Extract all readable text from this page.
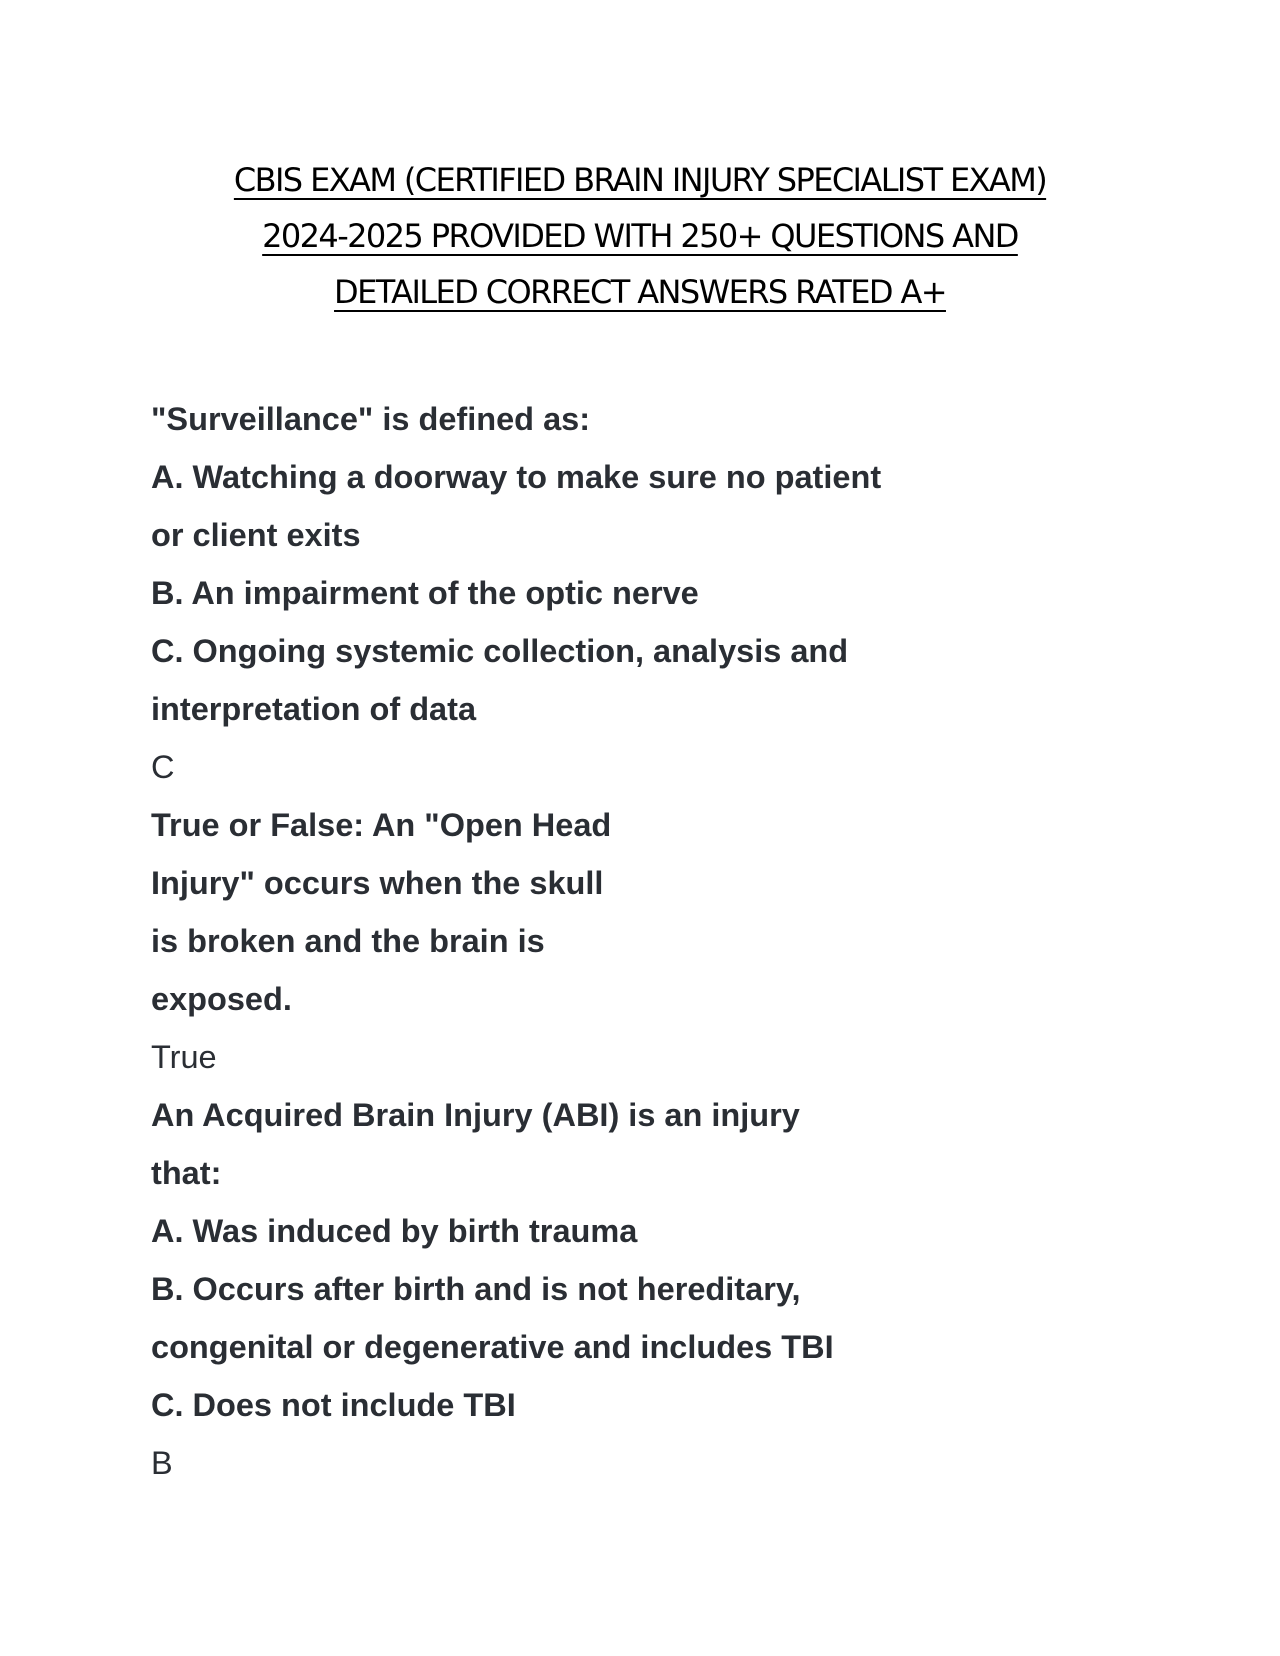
CBIS EXAM (CERTIFIED BRAIN INJURY SPECIALIST EXAM)
2024-2025 PROVIDED WITH 250+ QUESTIONS AND
DETAILED CORRECT ANSWERS RATED A+
"Surveillance" is defined as:
A. Watching a doorway to make sure no patient
or client exits
B. An impairment of the optic nerve
C. Ongoing systemic collection, analysis and
interpretation of data
C
True or False: An "Open Head
Injury" occurs when the skull
is broken and the brain is
exposed.
True
An Acquired Brain Injury (ABI) is an injury
that:
A. Was induced by birth trauma
B. Occurs after birth and is not hereditary,
congenital or degenerative and includes TBI
C. Does not include TBI
B
